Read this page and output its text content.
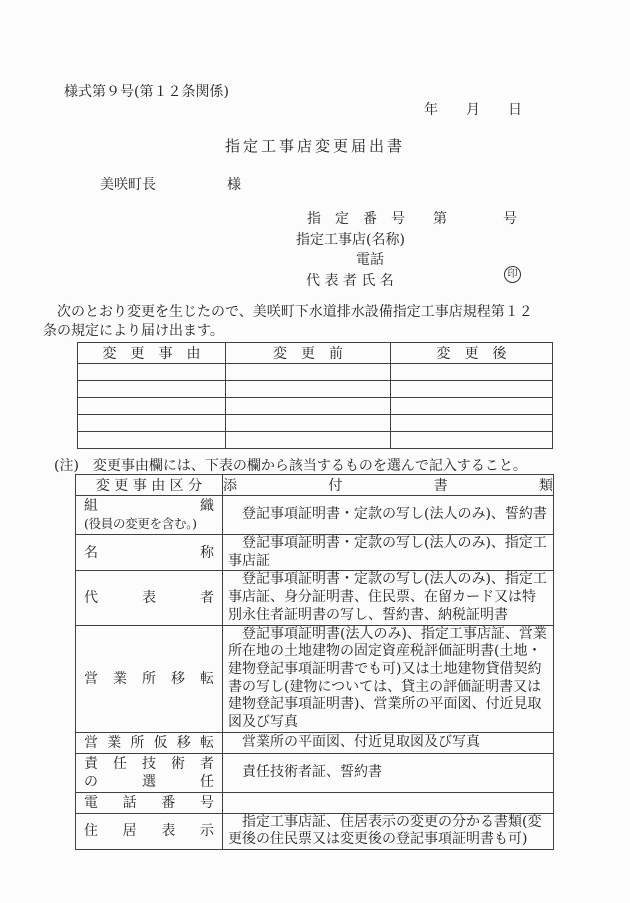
様式第９号(第１２条関係)
年　　月　　日
指定工事店変更届出書
美咲町長	様
指　定　番　号　　第　　　　号
指定工事店(名称)
電話
代 表 者 氏 名	印
　次のとおり変更を生じたので、美咲町下水道排水設備指定工事店規程第１２条の規定により届け出ます。
変　更　事　由	変　更　前	変　更　後

(注)　変更事由欄には、下表の欄から該当するものを選んで記入すること。
変 更 事 由 区 分	添 付 書 類

組 織
(役員の変更を含む。)	登記事項証明書・定款の写し(法人のみ)、誓約書

名 称	登記事項証明書・定款の写し(法人のみ)、指定工事店証

代 表 者	登記事項証明書・定款の写し(法人のみ)、指定工事店証、身分証明書、住民票、在留カード又は特別永住者証明書の写し、誓約書、納税証明書

営 業 所 移 転	登記事項証明書(法人のみ)、指定工事店証、営業所在地の土地建物の固定資産税評価証明書(土地・建物登記事項証明書でも可)又は土地建物貸借契約書の写し(建物については、貸主の評価証明書又は建物登記事項証明書)、営業所の平面図、付近見取図及び写真

営 業 所 仮 移 転	営業所の平面図、付近見取図及び写真

責 任 技 術 者
の 選 任	責任技術者証、誓約書

電 話 番 号	

住 居 表 示	指定工事店証、住居表示の変更の分かる書類(変更後の住民票又は変更後の登記事項証明書も可)
